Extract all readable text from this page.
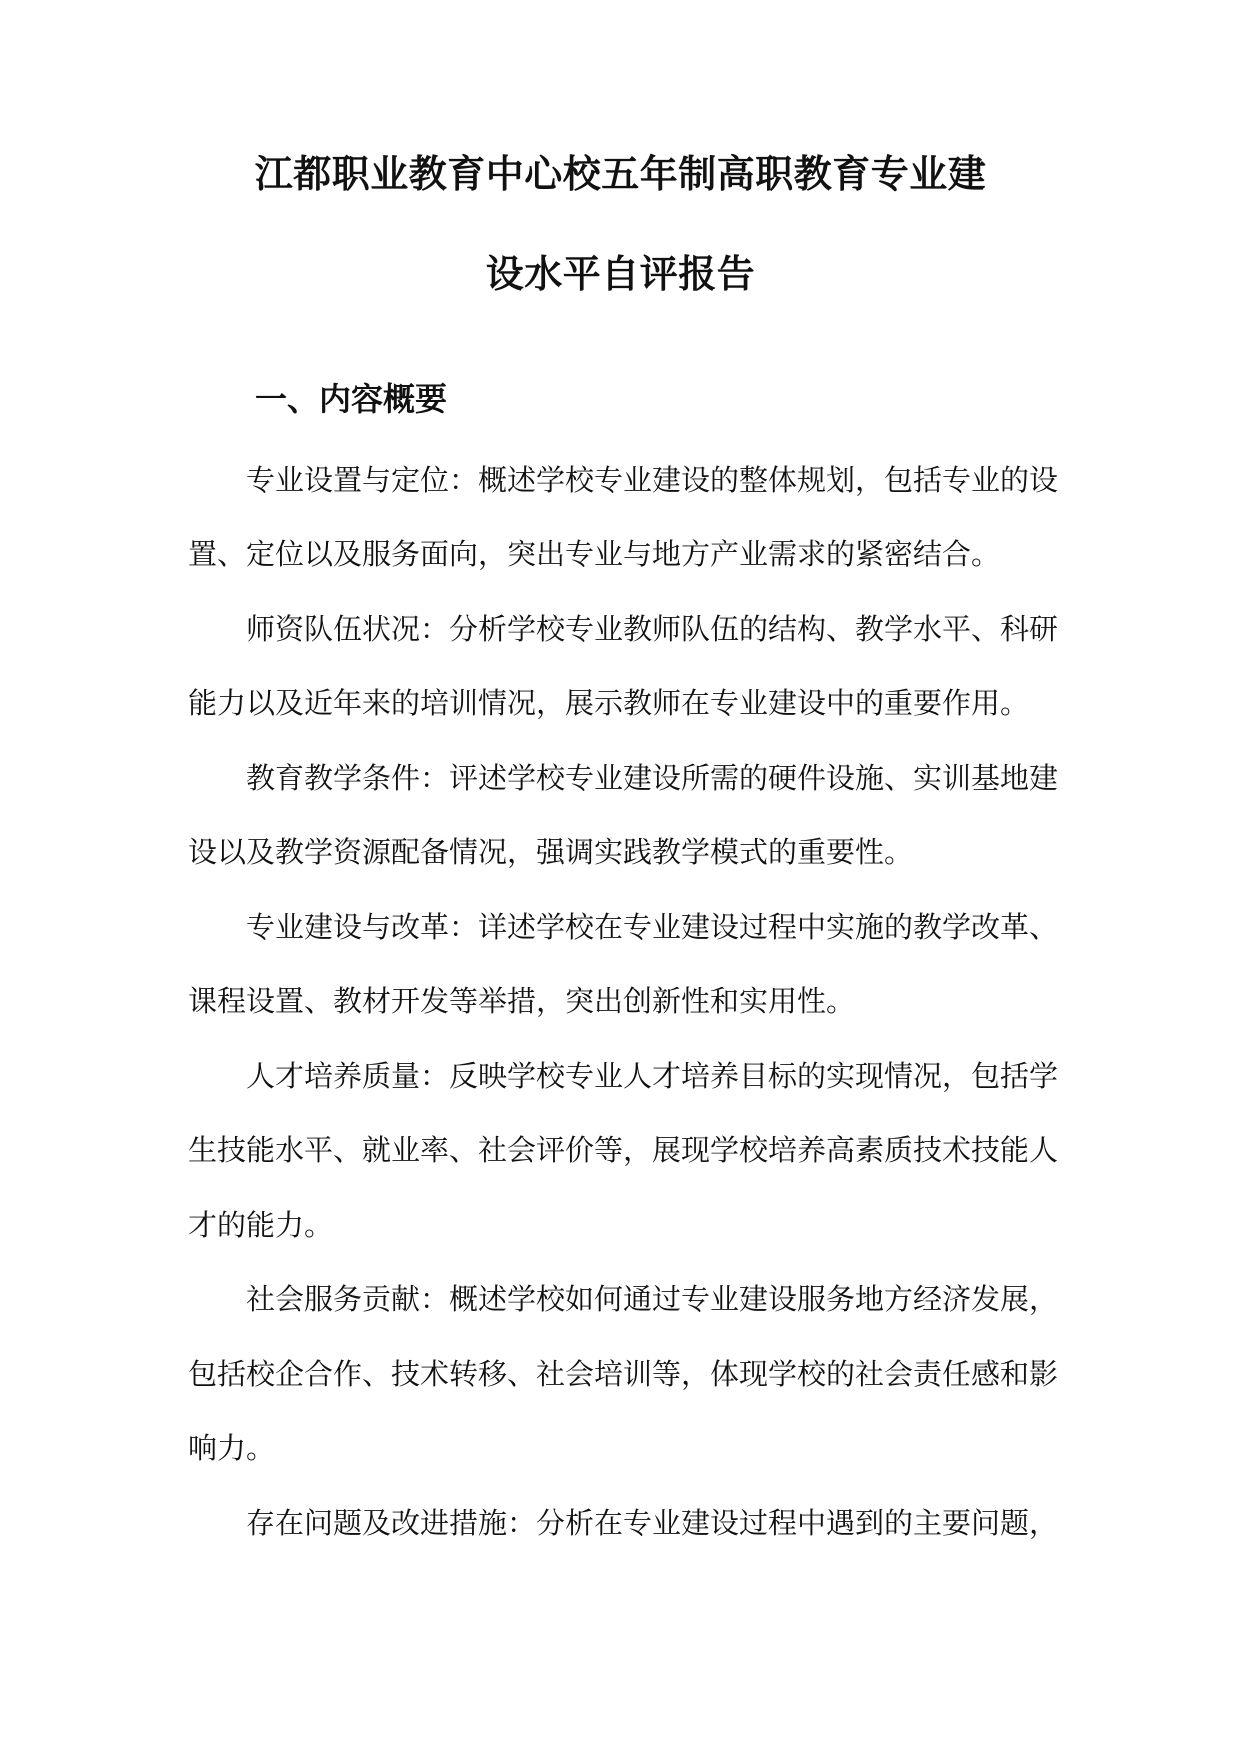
江都职业教育中心校五年制高职教育专业建
设水平自评报告
一、内容概要
专业设置与定位：概述学校专业建设的整体规划，包括专业的设
置、定位以及服务面向，突出专业与地方产业需求的紧密结合。
师资队伍状况：分析学校专业教师队伍的结构、教学水平、科研
能力以及近年来的培训情况，展示教师在专业建设中的重要作用。
教育教学条件：评述学校专业建设所需的硬件设施、实训基地建
设以及教学资源配备情况，强调实践教学模式的重要性。
专业建设与改革：详述学校在专业建设过程中实施的教学改革、
课程设置、教材开发等举措，突出创新性和实用性。
人才培养质量：反映学校专业人才培养目标的实现情况，包括学
生技能水平、就业率、社会评价等，展现学校培养高素质技术技能人
才的能力。
社会服务贡献：概述学校如何通过专业建设服务地方经济发展，
包括校企合作、技术转移、社会培训等，体现学校的社会责任感和影
响力。
存在问题及改进措施：分析在专业建设过程中遇到的主要问题，
